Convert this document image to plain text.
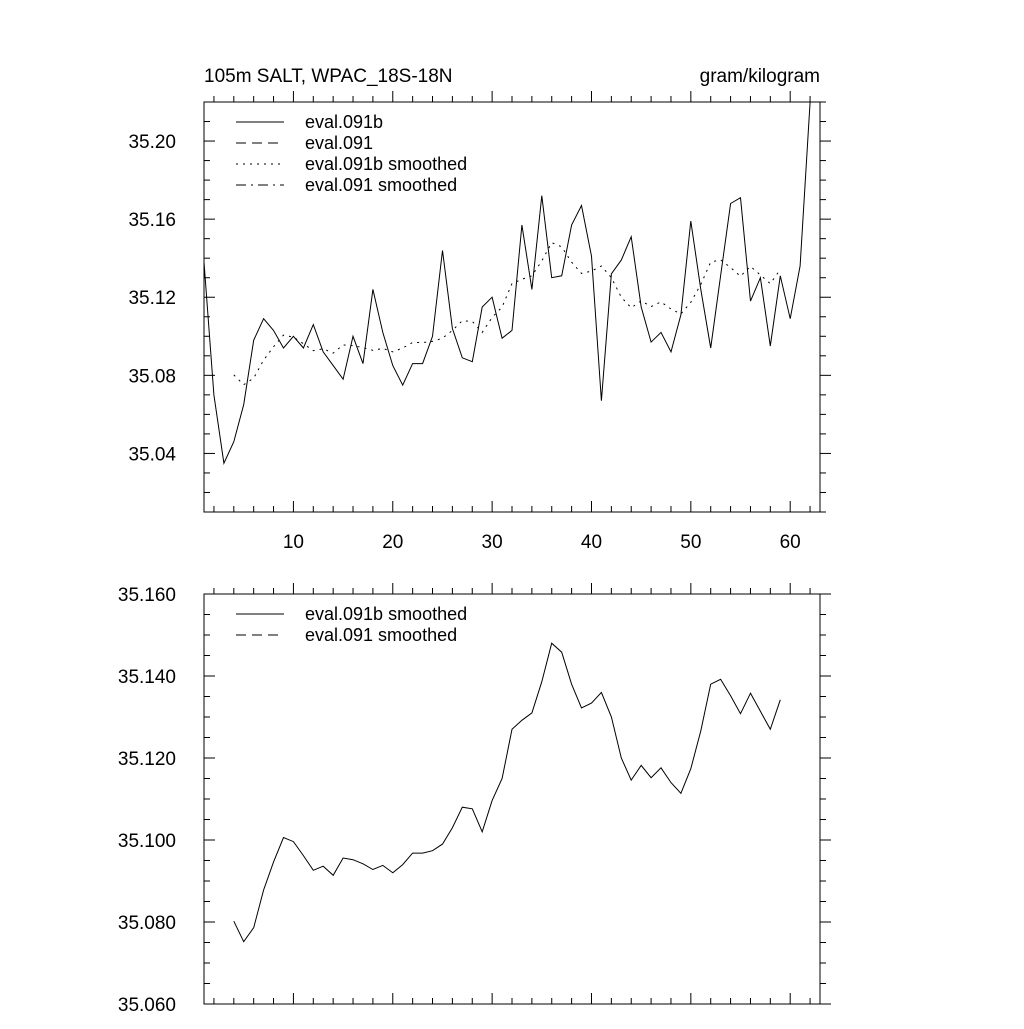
10	20	30	40	50	60
35.04
35.08
35.12
35.16
35.20
105m SALT, WPAC_18S-18N	gram/kilogram
eval.091b
eval.091
eval.091b smoothed
eval.091 smoothed
35.060
35.080
35.100
35.120
35.140
35.160
eval.091b smoothed
eval.091 smoothed
